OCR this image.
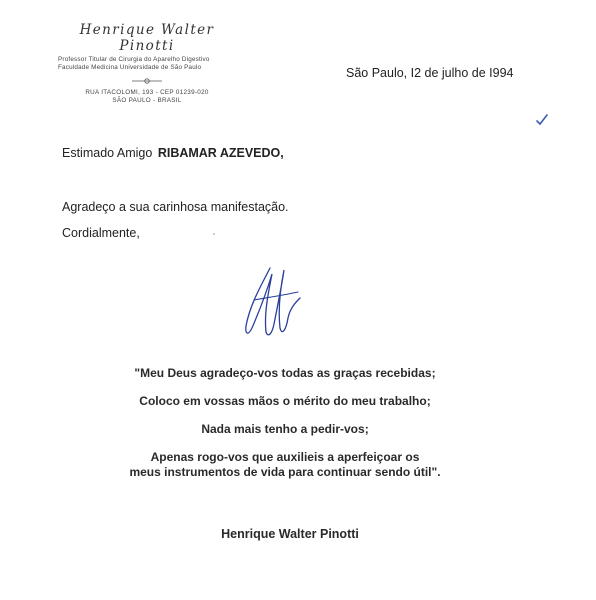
Henrique Walter Pinotti
Professor Titular de Cirurgia do Aparelho Digestivo
Faculdade Medicina Universidade de São Paulo
RUA ITACOLOMI, 193 - CEP 01239-020
SÃO PAULO - BRASIL
São Paulo, I2 de julho de I994
Estimado Amigo RIBAMAR AZEVEDO,
Agradeço a sua carinhosa manifestação.
Cordialmente,

"Meu Deus agradeço-vos todas as graças recebidas;

Coloco em vossas mãos o mérito do meu trabalho;

Nada mais tenho a pedir-vos;

Apenas rogo-vos que auxilieis a aperfeiçoar os
meus instrumentos de vida para continuar sendo útil".

Henrique Walter Pinotti
